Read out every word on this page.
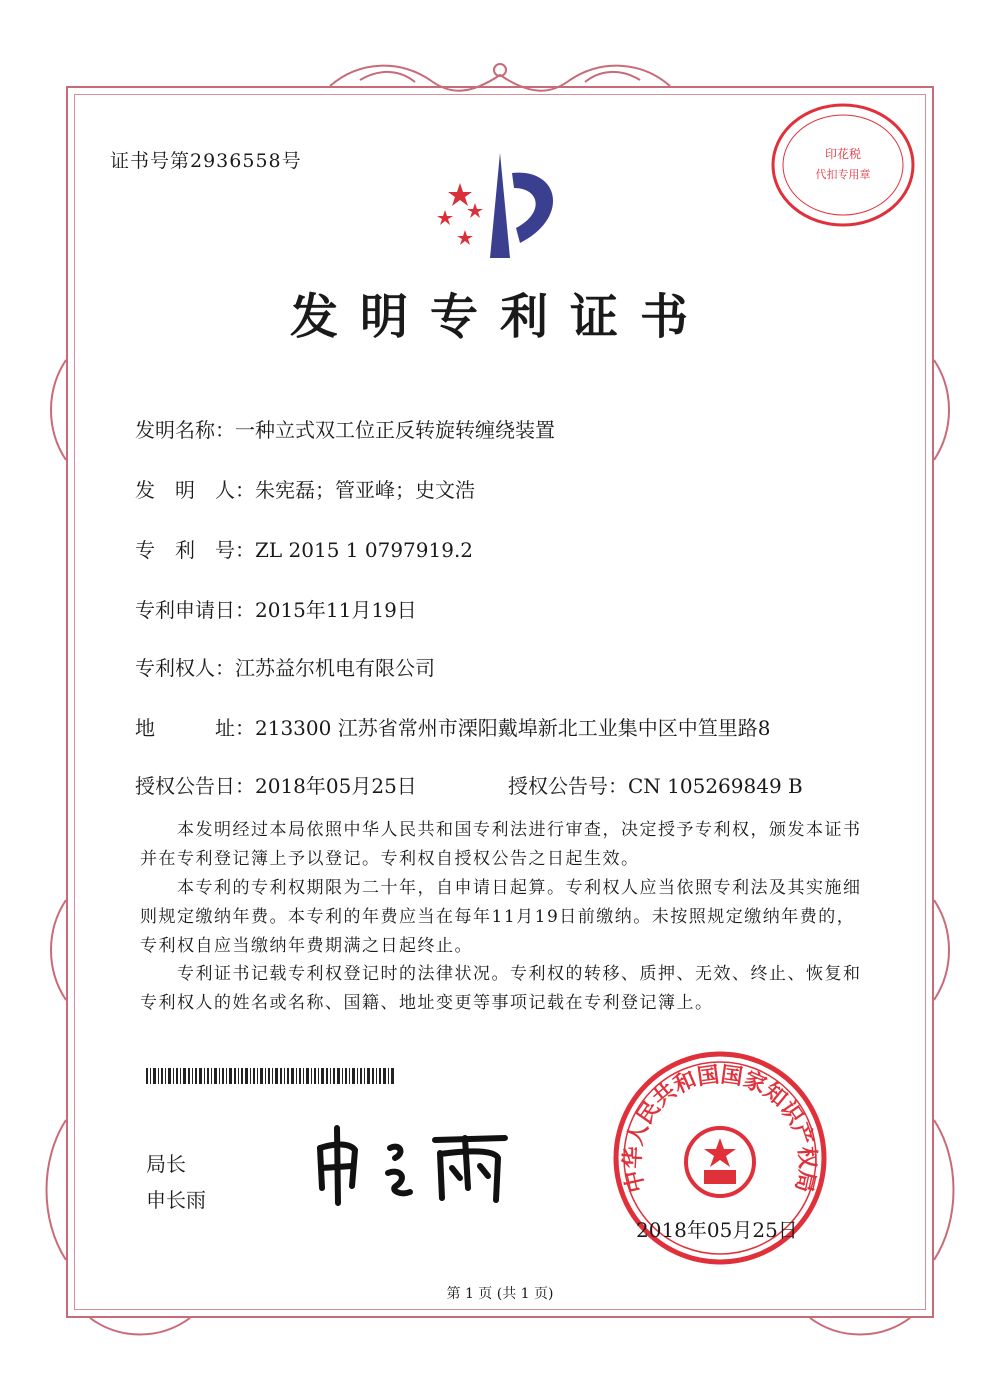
印花税
代扣专用章
证书号第2936558号
发明专利证书
发明名称：一种立式双工位正反转旋转缠绕装置
发　明　人：朱宪磊；管亚峰；史文浩
专　利　号：ZL 2015 1 0797919.2
专利申请日：2015年11月19日
专利权人：江苏益尔机电有限公司
地　　　址：213300 江苏省常州市溧阳戴埠新北工业集中区中笪里路8
授权公告日：2018年05月25日	授权公告号：CN 105269849 B
　　本发明经过本局依照中华人民共和国专利法进行审查，决定授予专利权，颁发本证书并在专利登记簿上予以登记。专利权自授权公告之日起生效。
　　本专利的专利权期限为二十年，自申请日起算。专利权人应当依照专利法及其实施细则规定缴纳年费。本专利的年费应当在每年11月19日前缴纳。未按照规定缴纳年费的，专利权自应当缴纳年费期满之日起终止。
　　专利证书记载专利权登记时的法律状况。专利权的转移、质押、无效、终止、恢复和专利权人的姓名或名称、国籍、地址变更等事项记载在专利登记簿上。
局长
申长雨
中华人民共和国国家知识产权局
2018年05月25日
第 1 页 (共 1 页)
